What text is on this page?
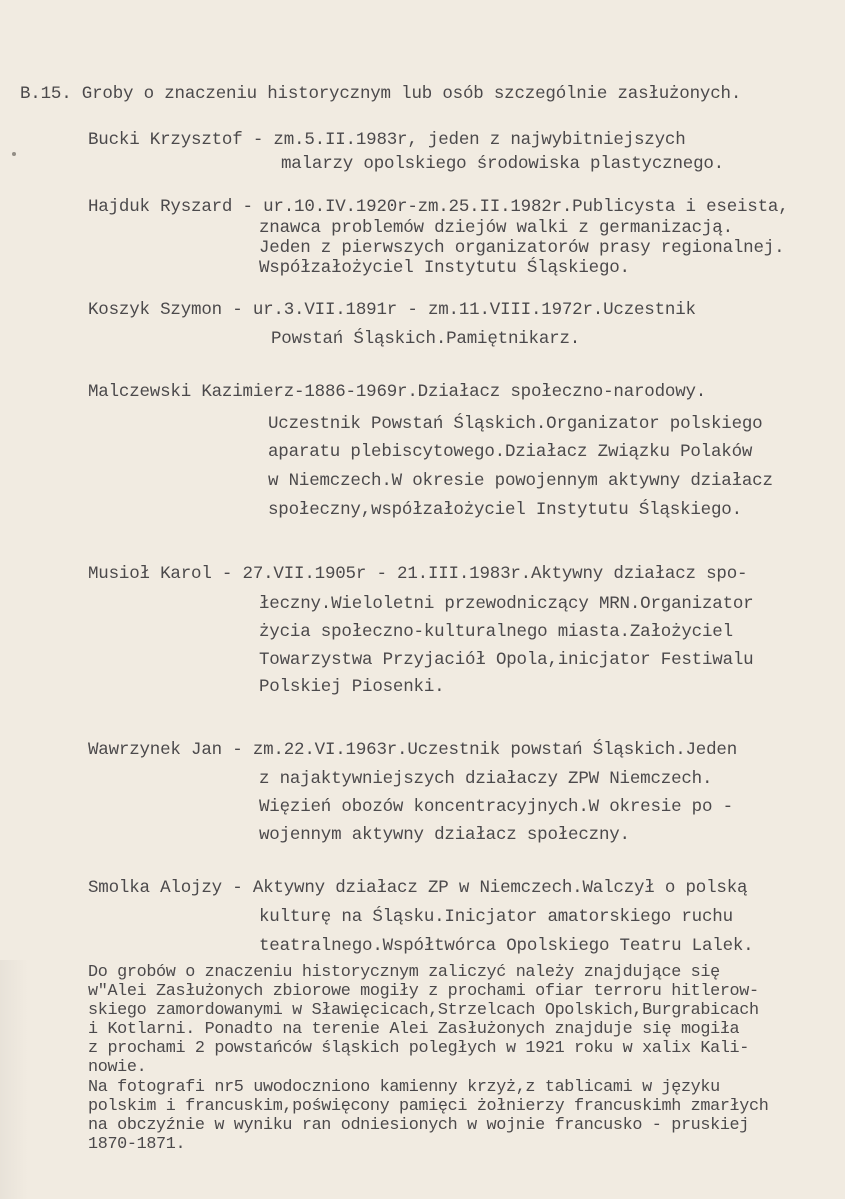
B.15. Groby o znaczeniu historycznym lub osób szczególnie zasłużonych.
Bucki Krzysztof - zm.5.II.1983r, jeden z najwybitniejszych
malarzy opolskiego środowiska plastycznego.
Hajduk Ryszard - ur.10.IV.1920r-zm.25.II.1982r.Publicysta i eseista,
znawca problemów dziejów walki z germanizacją.
Jeden z pierwszych organizatorów prasy regionalnej.
Współzałożyciel Instytutu Śląskiego.
Koszyk Szymon - ur.3.VII.1891r - zm.11.VIII.1972r.Uczestnik
Powstań Śląskich.Pamiętnikarz.
Malczewski Kazimierz-1886-1969r.Działacz społeczno-narodowy.
Uczestnik Powstań Śląskich.Organizator polskiego
aparatu plebiscytowego.Działacz Związku Polaków
w Niemczech.W okresie powojennym aktywny działacz
społeczny,współzałożyciel Instytutu Śląskiego.
Musioł Karol - 27.VII.1905r - 21.III.1983r.Aktywny działacz spo-
łeczny.Wieloletni przewodniczący MRN.Organizator
życia społeczno-kulturalnego miasta.Założyciel
Towarzystwa Przyjaciół Opola,inicjator Festiwalu
Polskiej Piosenki.
Wawrzynek Jan - zm.22.VI.1963r.Uczestnik powstań Śląskich.Jeden
z najaktywniejszych działaczy ZPW Niemczech.
Więzień obozów koncentracyjnych.W okresie po -
wojennym aktywny działacz społeczny.
Smolka Alojzy - Aktywny działacz ZP w Niemczech.Walczył o polską
kulturę na Śląsku.Inicjator amatorskiego ruchu
teatralnego.Współtwórca Opolskiego Teatru Lalek.
Do grobów o znaczeniu historycznym zaliczyć należy znajdujące się
w"Alei Zasłużonych zbiorowe mogiły z prochami ofiar terroru hitlerow-
skiego zamordowanymi w Sławięcicach,Strzelcach Opolskich,Burgrabicach
i Kotlarni. Ponadto na terenie Alei Zasłużonych znajduje się mogiła
z prochami 2 powstańców śląskich poległych w 1921 roku w xalix Kali-
nowie.
Na fotografi nr5 uwodoczniono kamienny krzyż,z tablicami w języku
polskim i francuskim,poświęcony pamięci żołnierzy francuskimh zmarłych
na obczyźnie w wyniku ran odniesionych w wojnie francusko - pruskiej
1870-1871.
